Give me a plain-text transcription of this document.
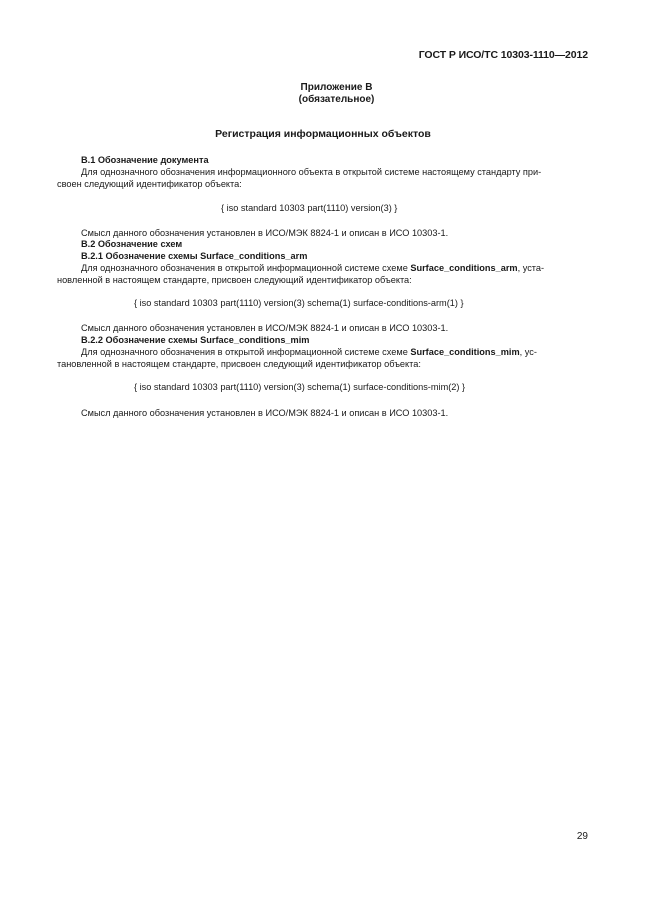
ГОСТ Р ИСО/ТС 10303-1110—2012
Приложение В
(обязательное)
Регистрация информационных объектов
В.1 Обозначение документа
Для однозначного обозначения информационного объекта в открытой системе настоящему стандарту при-
своен следующий идентификатор объекта:
{ iso standard 10303 part(1110) version(3) }
Смысл данного обозначения установлен в ИСО/МЭК 8824-1 и описан в ИСО 10303-1.
В.2 Обозначение схем
В.2.1 Обозначение схемы Surface_conditions_arm
Для однозначного обозначения в открытой информационной системе схеме Surface_conditions_arm, уста-
новленной в настоящем стандарте, присвоен следующий идентификатор объекта:
{ iso standard 10303 part(1110) version(3) schema(1) surface-conditions-arm(1) }
Смысл данного обозначения установлен в ИСО/МЭК 8824-1 и описан в ИСО 10303-1.
В.2.2 Обозначение схемы Surface_conditions_mim
Для однозначного обозначения в открытой информационной системе схеме Surface_conditions_mim, ус-
тановленной в настоящем стандарте, присвоен следующий идентификатор объекта:
{ iso standard 10303 part(1110) version(3) schema(1) surface-conditions-mim(2) }
Смысл данного обозначения установлен в ИСО/МЭК 8824-1 и описан в ИСО 10303-1.
29
